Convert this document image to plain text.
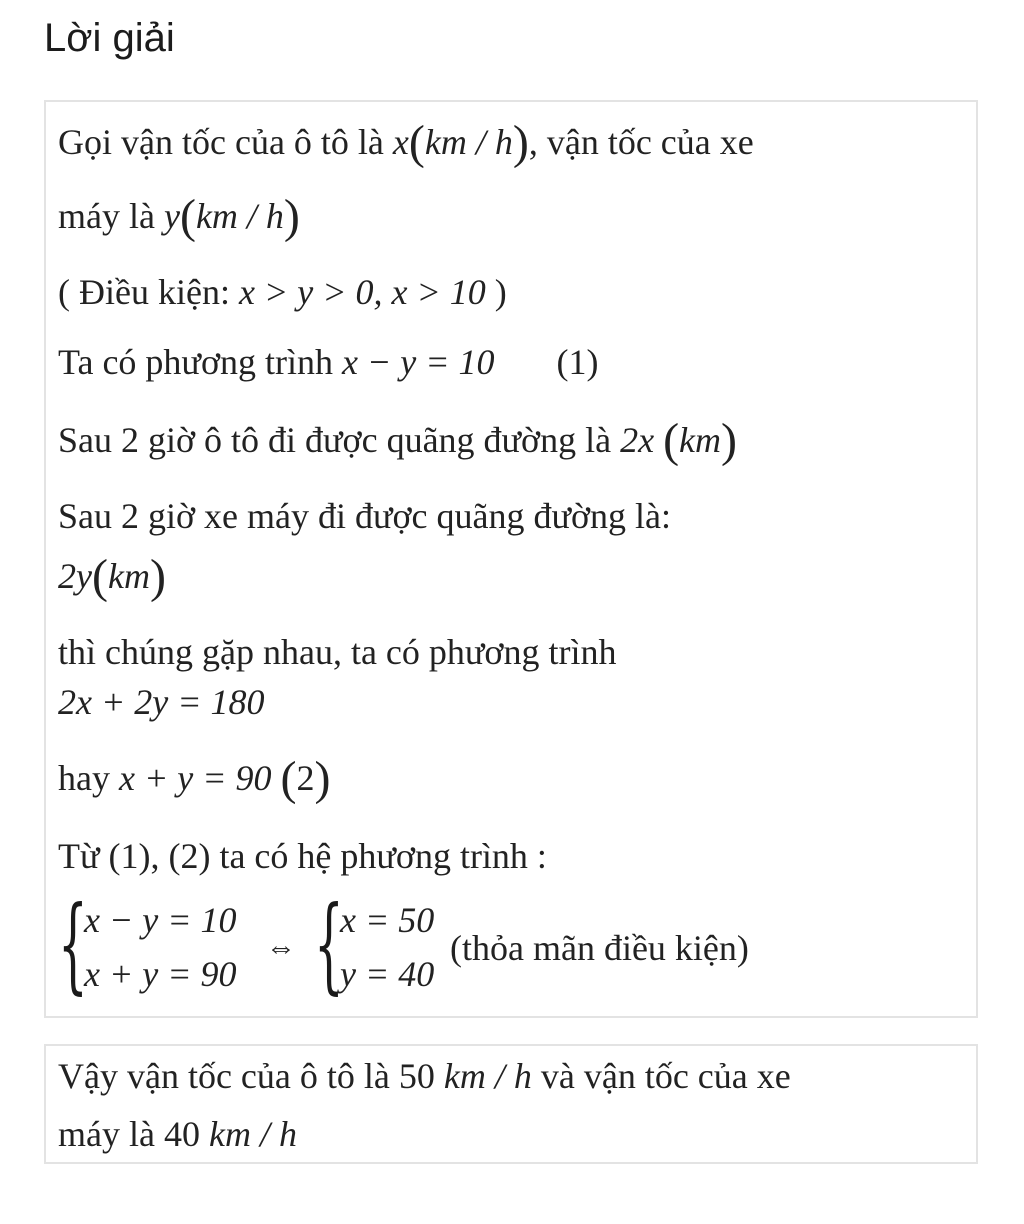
Lời giải
Gọi vận tốc của ô tô là x(km / h), vận tốc của xe
máy là y(km / h)
( Điều kiện: x > y > 0, x > 10 )
Ta có phương trình x − y = 10 (1)
Sau 2 giờ ô tô đi được quãng đường là 2x (km)
Sau 2 giờ xe máy đi được quãng đường là:
2y(km)
thì chúng gặp nhau, ta có phương trình
2x + 2y = 180
hay x + y = 90 (2)
Từ (1), (2) ta có hệ phương trình :
{
x − y = 10
x + y = 90
⇔ {
x = 50
y = 40
(thỏa mãn điều kiện)
Vậy vận tốc của ô tô là 50 km / h và vận tốc của xe
máy là 40 km / h
